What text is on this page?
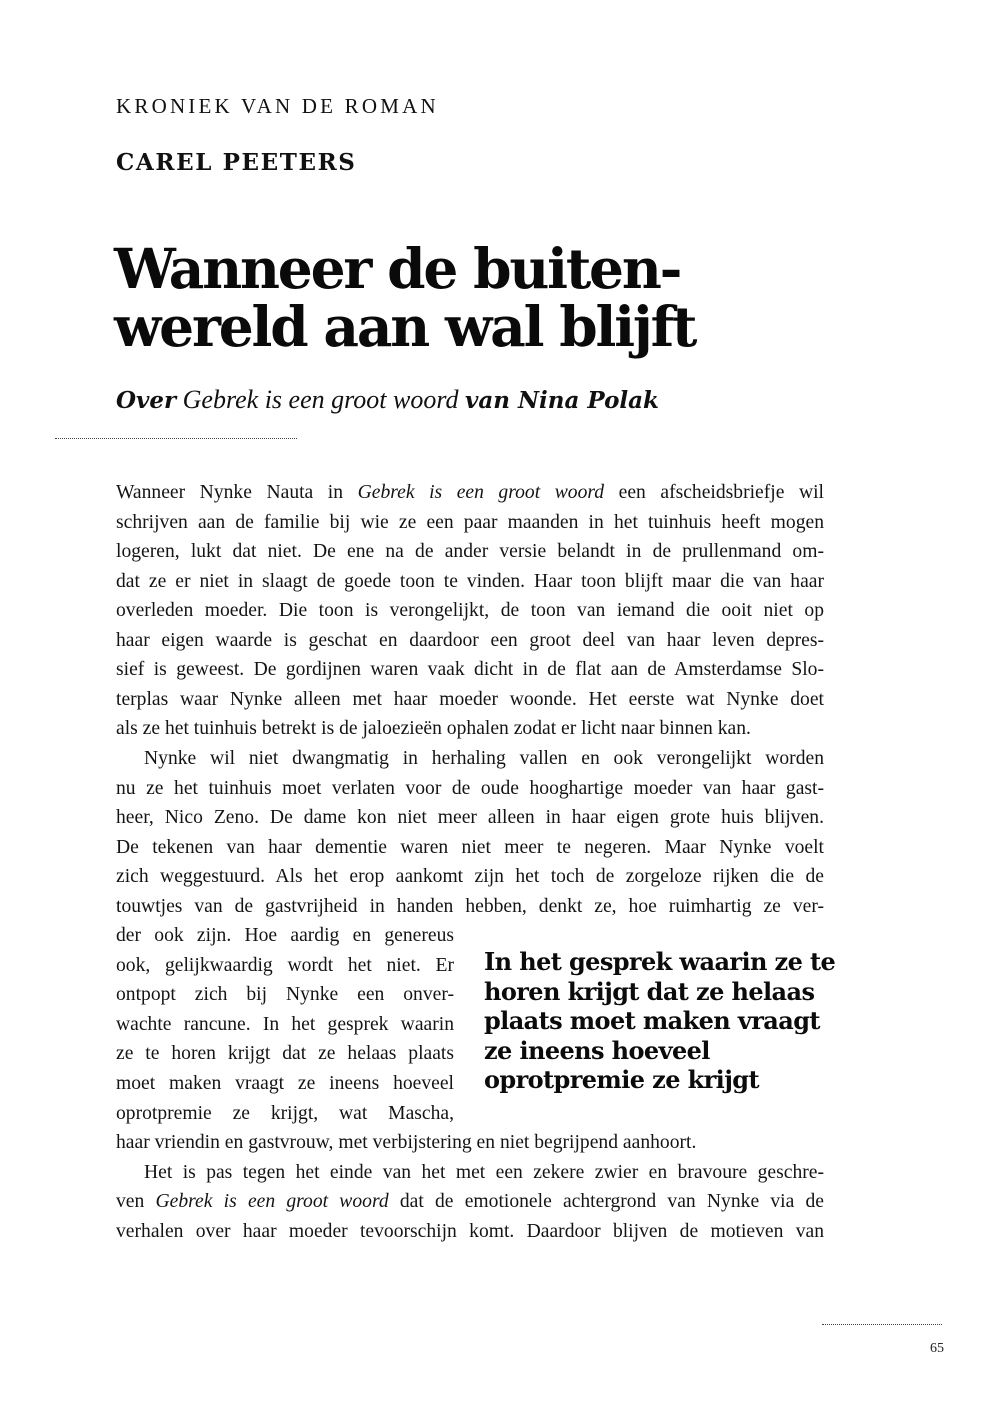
KRONIEK VAN DE ROMAN
CAREL PEETERS
Wanneer de buiten-
wereld aan wal blijft
Over Gebrek is een groot woord van Nina Polak
Wanneer Nynke Nauta in Gebrek is een groot woord een afscheidsbriefje wil
schrijven aan de familie bij wie ze een paar maanden in het tuinhuis heeft mogen
logeren, lukt dat niet. De ene na de ander versie belandt in de prullenmand om-
dat ze er niet in slaagt de goede toon te vinden. Haar toon blijft maar die van haar
overleden moeder. Die toon is verongelijkt, de toon van iemand die ooit niet op
haar eigen waarde is geschat en daardoor een groot deel van haar leven depres-
sief is geweest. De gordijnen waren vaak dicht in de flat aan de Amsterdamse Slo-
terplas waar Nynke alleen met haar moeder woonde. Het eerste wat Nynke doet
als ze het tuinhuis betrekt is de jaloezieën ophalen zodat er licht naar binnen kan.
Nynke wil niet dwangmatig in herhaling vallen en ook verongelijkt worden
nu ze het tuinhuis moet verlaten voor de oude hooghartige moeder van haar gast-
heer, Nico Zeno. De dame kon niet meer alleen in haar eigen grote huis blijven.
De tekenen van haar dementie waren niet meer te negeren. Maar Nynke voelt
zich weggestuurd. Als het erop aankomt zijn het toch de zorgeloze rijken die de
touwtjes van de gastvrijheid in handen hebben, denkt ze, hoe ruimhartig ze ver-
der ook zijn. Hoe aardig en genereus
ook, gelijkwaardig wordt het niet. Er
ontpopt zich bij Nynke een onver-
wachte rancune. In het gesprek waarin
ze te horen krijgt dat ze helaas plaats
moet maken vraagt ze ineens hoeveel
oprotpremie ze krijgt, wat Mascha,
haar vriendin en gastvrouw, met verbijstering en niet begrijpend aanhoort.
Het is pas tegen het einde van het met een zekere zwier en bravoure geschre-
ven Gebrek is een groot woord dat de emotionele achtergrond van Nynke via de
verhalen over haar moeder tevoorschijn komt. Daardoor blijven de motieven van
In het gesprek waarin ze te
horen krijgt dat ze helaas
plaats moet maken vraagt
ze ineens hoeveel
oprotpremie ze krijgt
65
